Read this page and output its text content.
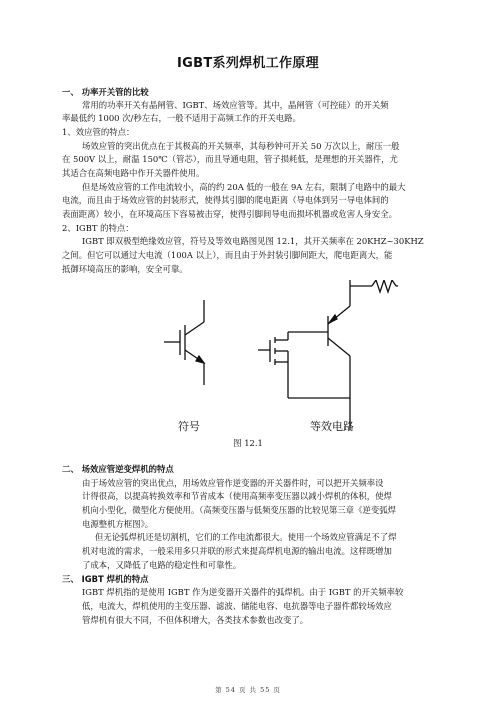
IGBT系列焊机工作原理
一、 功率开关管的比较
常用的功率开关有晶闸管、IGBT、场效应管等。其中，晶闸管（可控硅）的开关频
率最低约 1000 次/秒左右，一般不适用于高频工作的开关电路。
1、效应管的特点：
场效应管的突出优点在于其极高的开关频率，其每秒钟可开关 50 万次以上，耐压一般
在 500V 以上，耐温 150℃（管芯），而且导通电阻，管子损耗低，是理想的开关器件，尤
其适合在高频电路中作开关器件使用。
但是场效应管的工作电流较小，高的约 20A 低的一般在 9A 左右，限制了电路中的最大
电流，而且由于场效应管的封装形式，使得其引脚的爬电距离（导电体到另一导电体间的
表面距离）较小，在环境高压下容易被击穿，使得引脚间导电而损坏机器或危害人身安全。
2、IGBT 的特点：
IGBT 即双极型绝缘效应管，符号及等效电路图见图 12.1，其开关频率在 20KHZ~30KHZ
之间。但它可以通过大电流（100A 以上），而且由于外封装引脚间距大，爬电距离大，能
抵御环境高压的影响，安全可靠。
符号	等效电路
图 12.1
二、 场效应管逆变焊机的特点
由于场效应管的突出优点，用场效应管作逆变器的开关器件时，可以把开关频率设
计得很高，以提高转换效率和节省成本（使用高频率变压器以减小焊机的体积，使焊
机向小型化，微型化方便使用。（高频变压器与低频变压器的比较见第三章《逆变弧焊
电源整机方框图》。
但无论弧焊机还是切割机，它们的工作电流都很大。使用一个场效应管满足不了焊
机对电流的需求，一般采用多只并联的形式来提高焊机电源的输出电流。这样既增加
了成本，又降低了电路的稳定性和可靠性。
三、 IGBT 焊机的特点
IGBT 焊机指的是使用 IGBT 作为逆变器开关器件的弧焊机。由于 IGBT 的开关频率较
低，电流大，焊机使用的主变压器、滤波、储能电容、电抗器等电子器件都较场效应
管焊机有很大不同，不但体积增大，各类技术参数也改变了。
第 54 页 共 55 页
